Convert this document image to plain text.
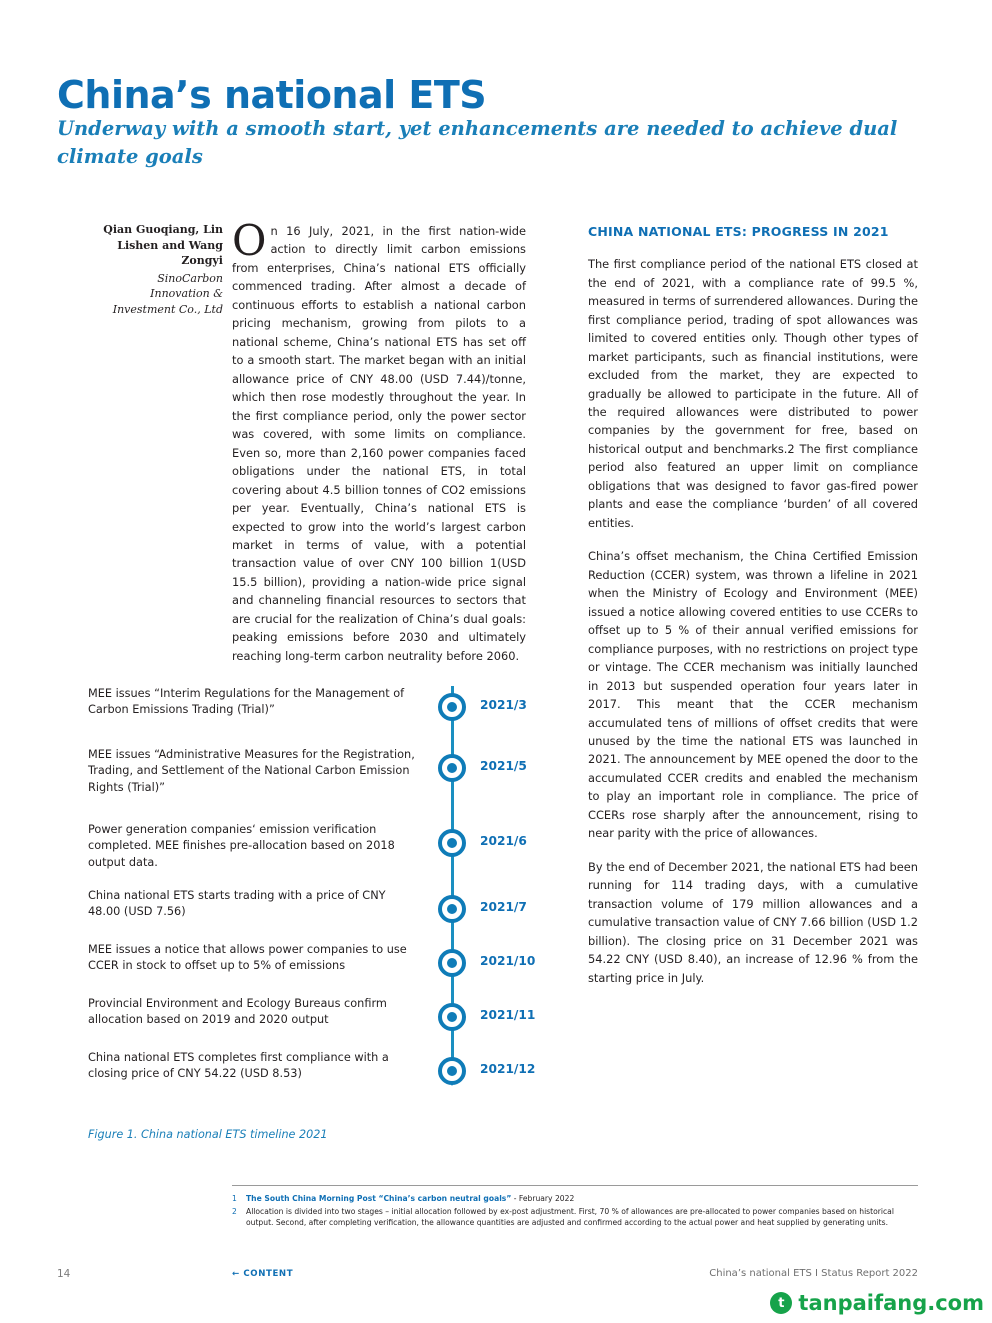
China’s national ETS
Underway with a smooth start, yet enhancements are needed to achieve dual climate goals
Qian Guoqiang, Lin Lishen and Wang Zongyi
SinoCarbon Innovation & Investment Co., Ltd
On 16 July, 2021, in the first nation-wide action to directly limit carbon emissions from enterprises, China’s national ETS officially commenced trading. After almost a decade of continuous efforts to establish a national carbon pricing mechanism, growing from pilots to a national scheme, China’s national ETS has set off to a smooth start. The market began with an initial allowance price of CNY 48.00 (USD 7.44)/tonne, which then rose modestly throughout the year. In the first compliance period, only the power sector was covered, with some limits on compliance. Even so, more than 2,160 power companies faced obligations under the national ETS, in total covering about 4.5 billion tonnes of CO2 emissions per year. Eventually, China’s national ETS is expected to grow into the world’s largest carbon market in terms of value, with a potential transaction value of over CNY 100 billion 1(USD 15.5 billion), providing a nation-wide price signal and channeling financial resources to sectors that are crucial for the realization of China’s dual goals: peaking emissions before 2030 and ultimately reaching long-term carbon neutrality before 2060.
CHINA NATIONAL ETS: PROGRESS IN 2021

The first compliance period of the national ETS closed at the end of 2021, with a compliance rate of 99.5 %, measured in terms of surrendered allowances. During the first compliance period, trading of spot allowances was limited to covered entities only. Though other types of market participants, such as financial institutions, were excluded from the market, they are expected to gradually be allowed to participate in the future. All of the required allowances were distributed to power companies by the government for free, based on historical output and benchmarks.2 The first compliance period also featured an upper limit on compliance obligations that was designed to favor gas-fired power plants and ease the compliance ‘burden’ of all covered entities.

China’s offset mechanism, the China Certified Emission Reduction (CCER) system, was thrown a lifeline in 2021 when the Ministry of Ecology and Environment (MEE) issued a notice allowing covered entities to use CCERs to offset up to 5 % of their annual verified emissions for compliance purposes, with no restrictions on project type or vintage. The CCER mechanism was initially launched in 2013 but suspended operation four years later in 2017. This meant that the CCER mechanism accumulated tens of millions of offset credits that were unused by the time the national ETS was launched in 2021. The announcement by MEE opened the door to the accumulated CCER credits and enabled the mechanism to play an important role in compliance. The price of CCERs rose sharply after the announcement, rising to near parity with the price of allowances.

By the end of December 2021, the national ETS had been running for 114 trading days, with a cumulative transaction volume of 179 million allowances and a cumulative transaction value of CNY 7.66 billion (USD 1.2 billion). The closing price on 31 December 2021 was 54.22 CNY (USD 8.40), an increase of 12.96 % from the starting price in July.

MEE issues “Interim Regulations for the Management of Carbon Emissions Trading (Trial)”	2021/3
MEE issues “Administrative Measures for the Registration, Trading, and Settlement of the National Carbon Emission Rights (Trial)”
2021/5
Power generation companies‘ emission verification completed. MEE finishes pre-allocation based on 2018 output data.
2021/6
China national ETS starts trading with a price of CNY 48.00 (USD 7.56)	2021/7
MEE issues a notice that allows power companies to use CCER in stock to offset up to 5% of emissions	2021/10
Provincial Environment and Ecology Bureaus confirm allocation based on 2019 and 2020 output	2021/11
China national ETS completes first compliance with a closing price of CNY 54.22 (USD 8.53)	2021/12
Figure 1. China national ETS timeline 2021
1	The South China Morning Post “China’s carbon neutral goals” - February 2022
2	Allocation is divided into two stages – initial allocation followed by ex-post adjustment. First, 70 % of allowances are pre-allocated to power companies based on historical output. Second, after completing verification, the allowance quantities are adjusted and confirmed according to the actual power and heat supplied by generating units.
14	← CONTENT	China’s national ETS I Status Report 2022
t tanpaifang.com
